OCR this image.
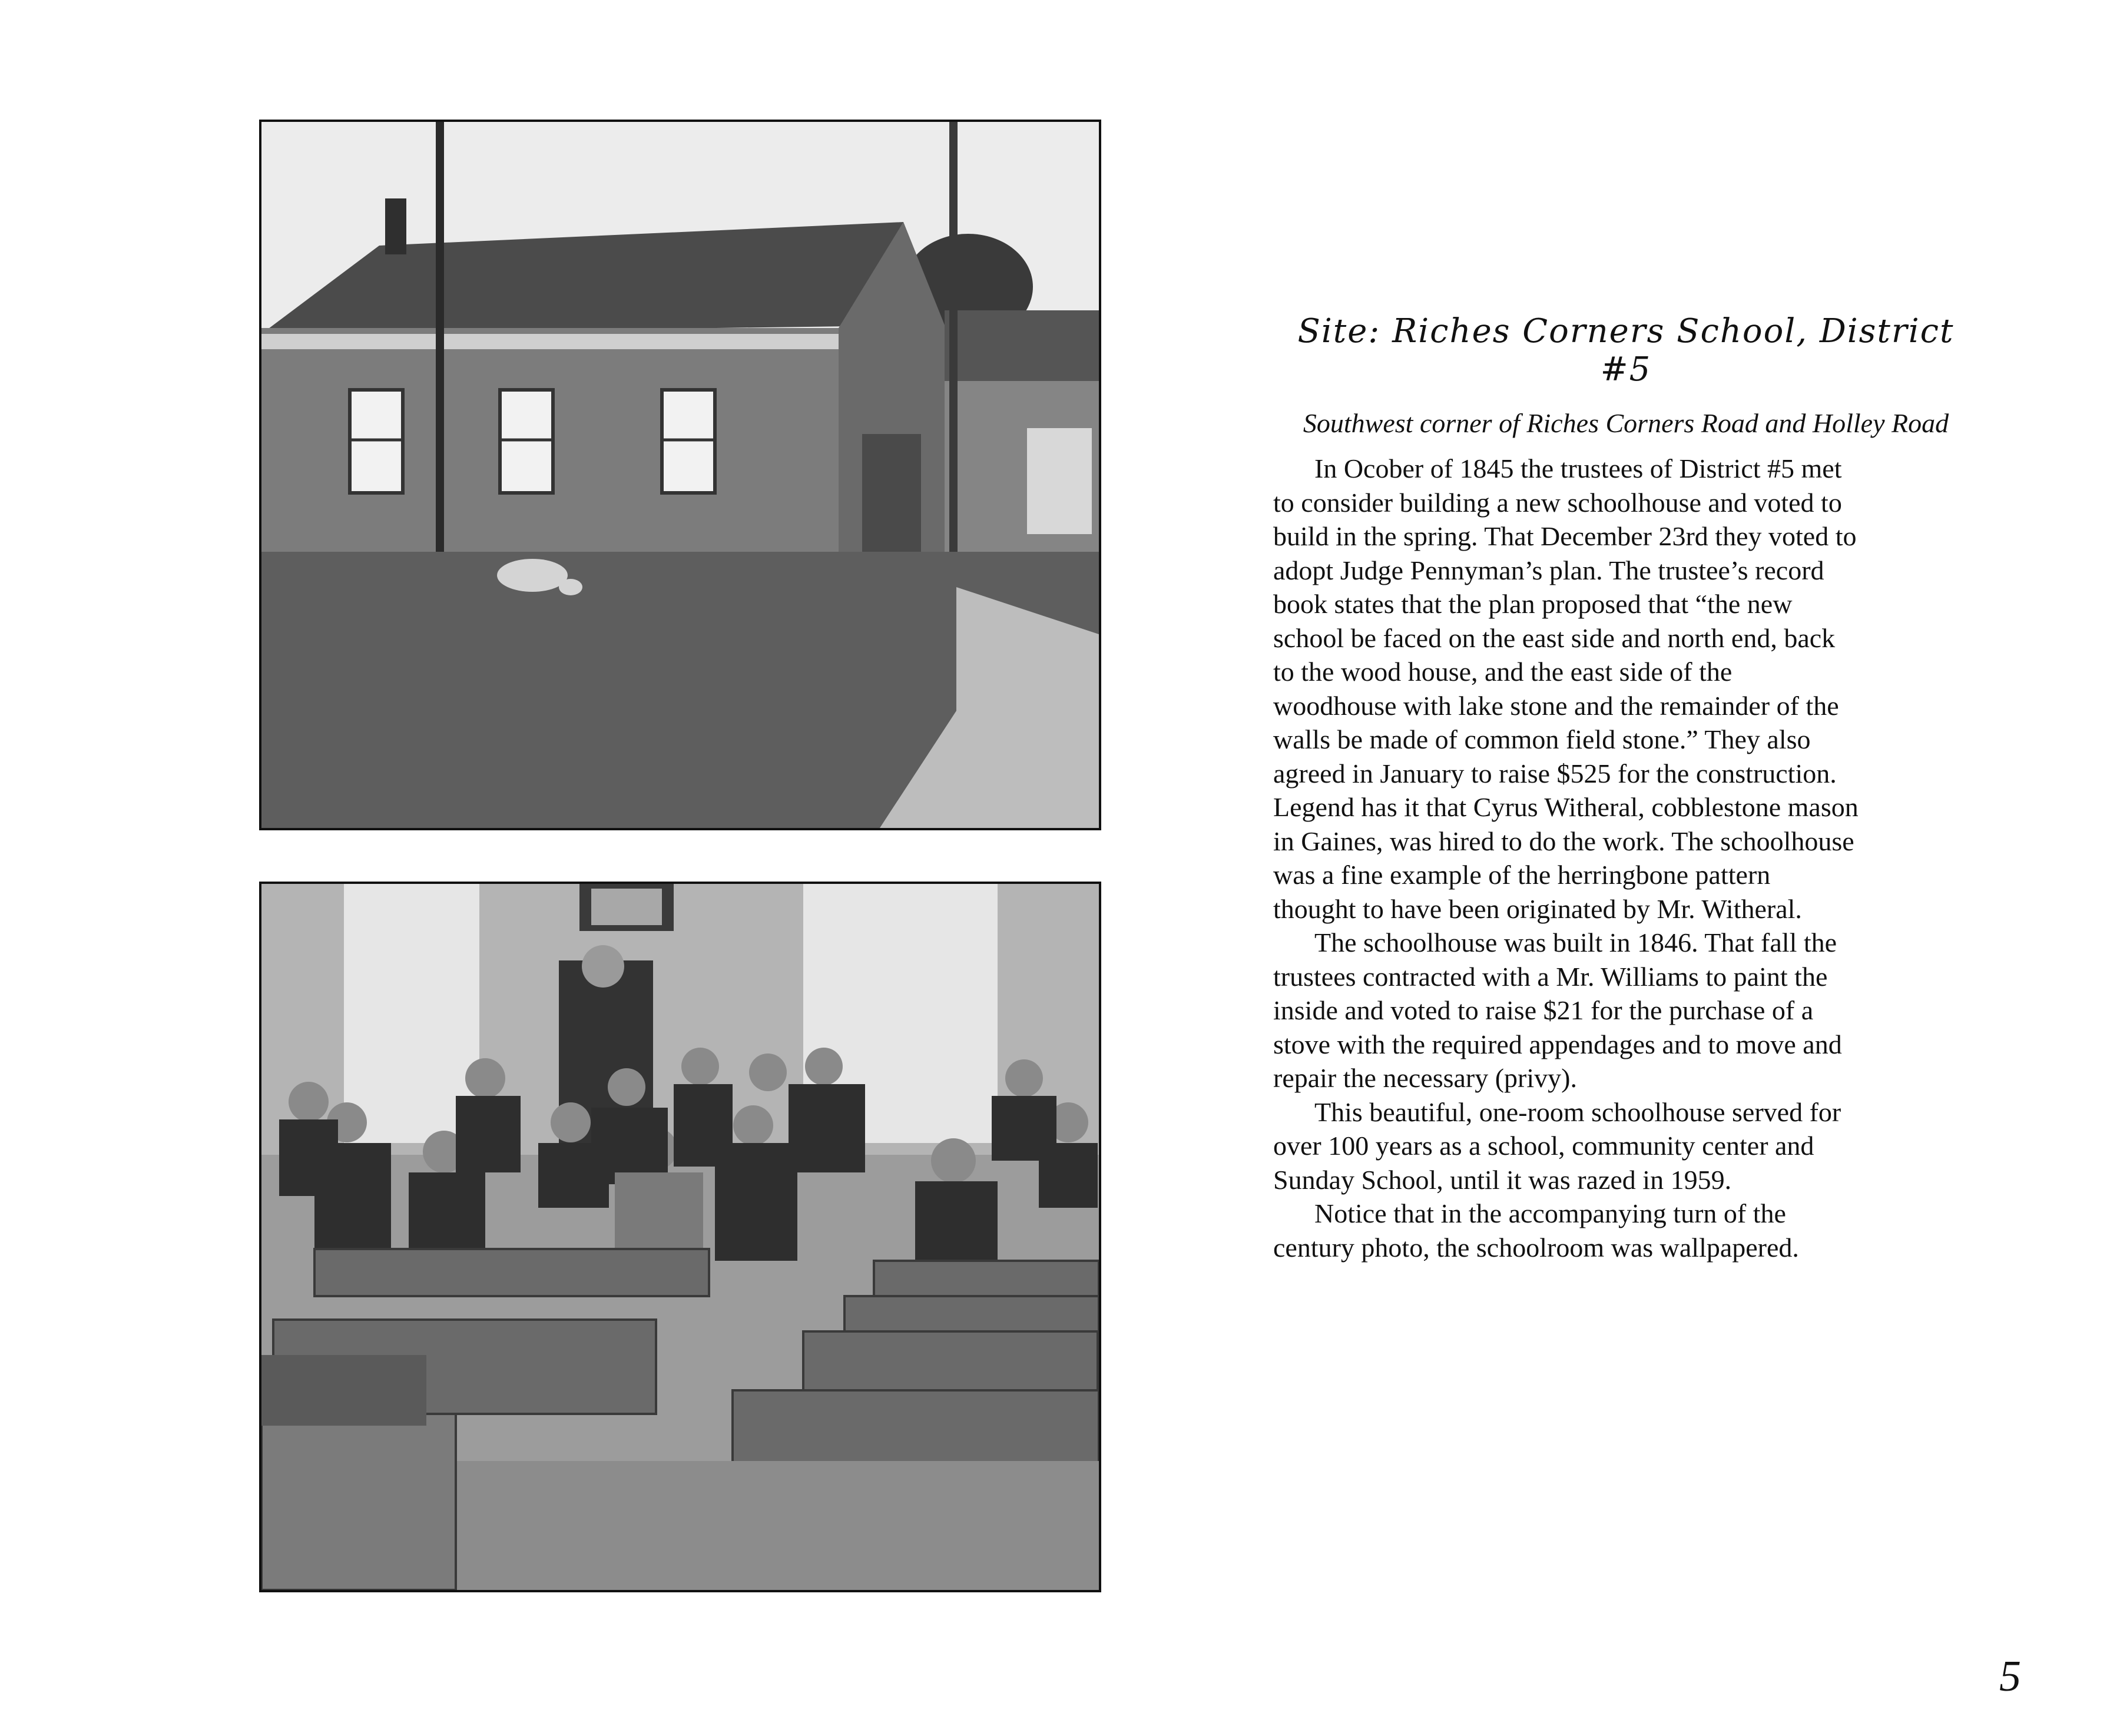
Site: Riches Corners School, District #5

Southwest corner of Riches Corners Road and Holley Road

In Ocober of 1845 the trustees of District #5 met
to consider building a new schoolhouse and voted to
build in the spring. That December 23rd they voted to
adopt Judge Pennyman’s plan. The trustee’s record
book states that the plan proposed that “the new
school be faced on the east side and north end, back
to the wood house, and the east side of the
woodhouse with lake stone and the remainder of the
walls be made of common field stone.” They also
agreed in January to raise $525 for the construction.
Legend has it that Cyrus Witheral, cobblestone mason
in Gaines, was hired to do the work. The schoolhouse
was a fine example of the herringbone pattern
thought to have been originated by Mr. Witheral.

The schoolhouse was built in 1846. That fall the
trustees contracted with a Mr. Williams to paint the
inside and voted to raise $21 for the purchase of a
stove with the required appendages and to move and
repair the necessary (privy).

This beautiful, one-room schoolhouse served for
over 100 years as a school, community center and
Sunday School, until it was razed in 1959.

Notice that in the accompanying turn of the
century photo, the schoolroom was wallpapered.

5
